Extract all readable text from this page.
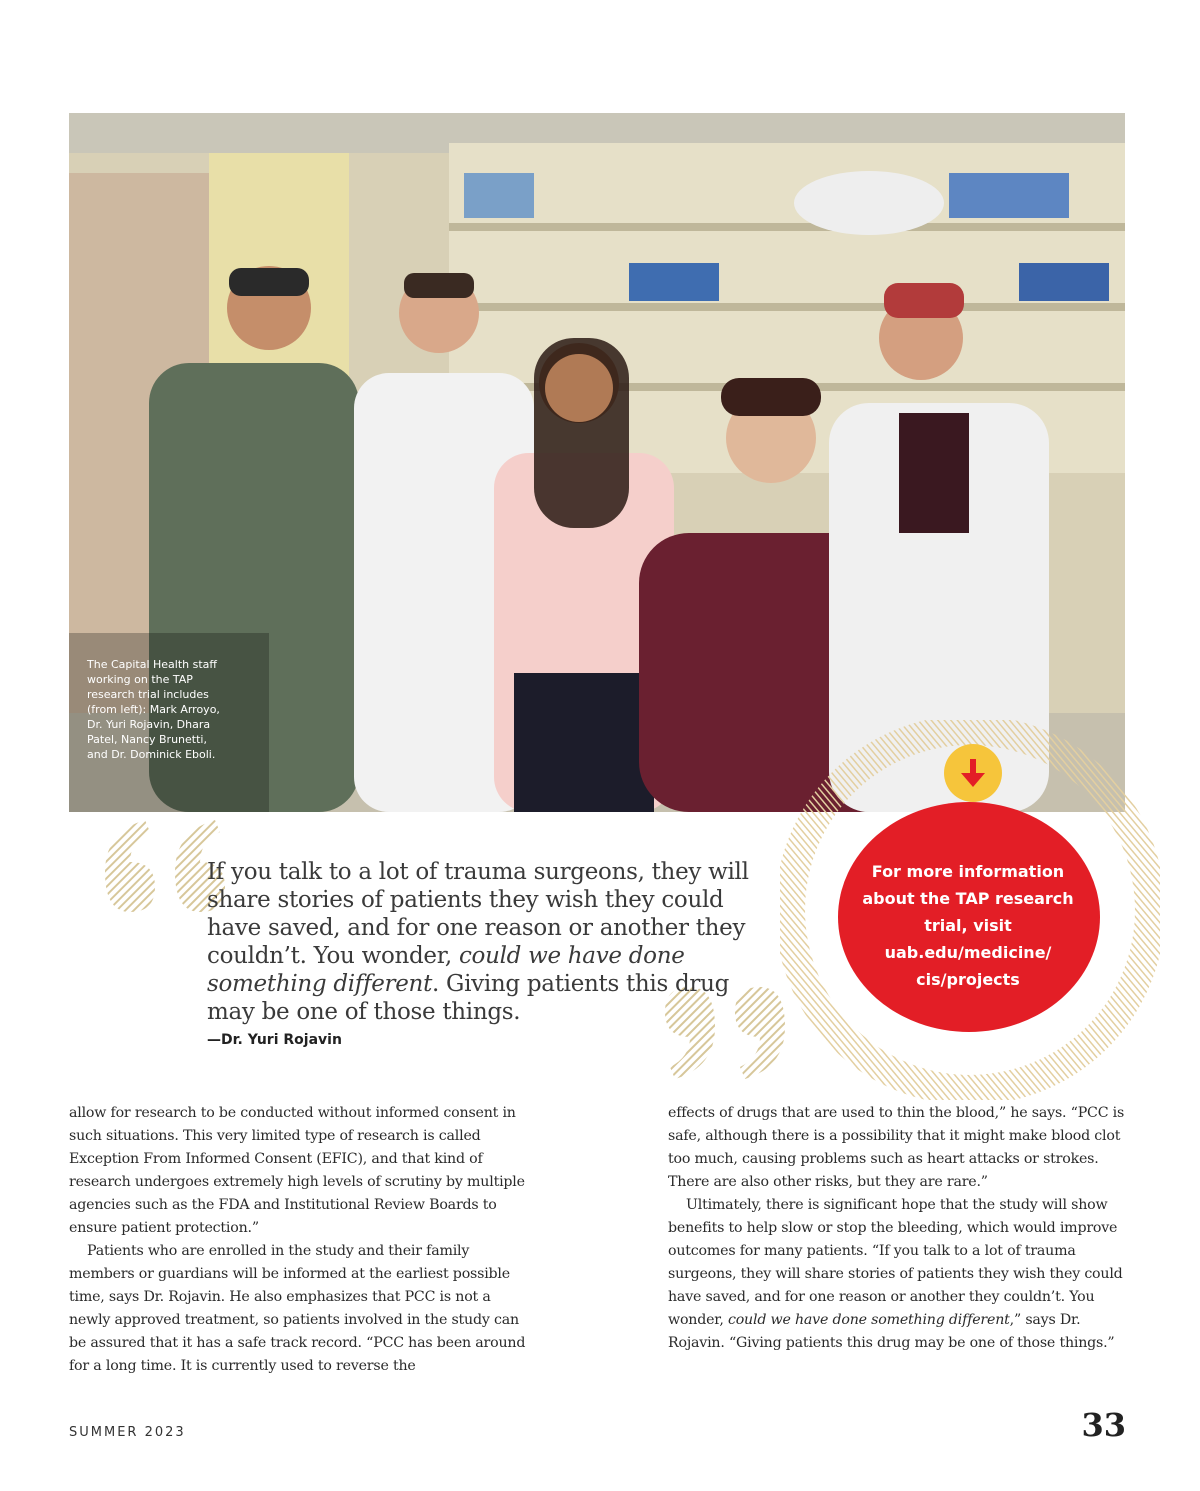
The Capital Health staff working on the TAP research trial includes (from left): Mark Arroyo, Dr. Yuri Rojavin, Dhara Patel, Nancy Brunetti, and Dr. Dominick Eboli.
If you talk to a lot of trauma surgeons, they will share stories of patients they wish they could have saved, and for one reason or another they couldn’t. You wonder, could we have done something different. Giving patients this drug may be one of those things.
—Dr. Yuri Rojavin
For more information
about the TAP research
trial, visit
uab.edu/medicine/
cis/projects

allow for research to be conducted without informed consent in such situations. This very limited type of research is called Exception From Informed Consent (EFIC), and that kind of research undergoes extremely high levels of scrutiny by multiple agencies such as the FDA and Institutional Review Boards to ensure patient protection.”

Patients who are enrolled in the study and their family members or guardians will be informed at the earliest possible time, says Dr. Rojavin. He also emphasizes that PCC is not a newly approved treatment, so patients involved in the study can be assured that it has a safe track record. “PCC has been around for a long time. It is currently used to reverse the

effects of drugs that are used to thin the blood,” he says. “PCC is safe, although there is a possibility that it might make blood clot too much, causing problems such as heart attacks or strokes. There are also other risks, but they are rare.”

Ultimately, there is significant hope that the study will show benefits to help slow or stop the bleeding, which would improve outcomes for many patients. “If you talk to a lot of trauma surgeons, they will share stories of patients they wish they could have saved, and for one reason or another they couldn’t. You wonder, could we have done something different,” says Dr. Rojavin. “Giving patients this drug may be one of those things.”

SUMMER 2023	33
